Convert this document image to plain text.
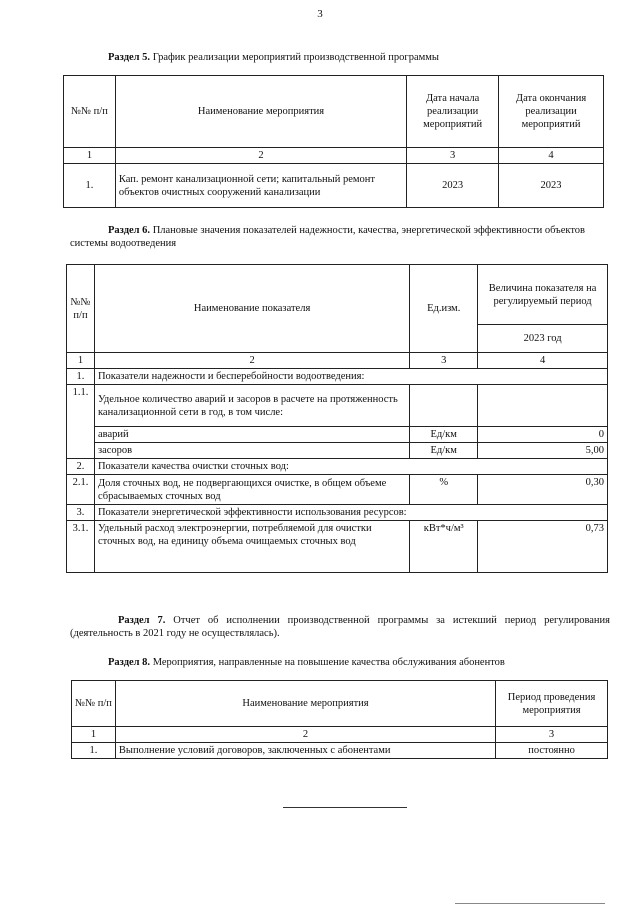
3
Раздел 5. График реализации мероприятий производственной программы
№№ п/п	Наименование мероприятия	Дата начала реализации мероприятий	Дата окончания реализации мероприятий
1	2	3	4
1.	Кап. ремонт канализационной сети; капитальный ремонт объектов очистных сооружений канализации	2023	2023
Раздел 6. Плановые значения показателей надежности, качества, энергетической эффективности объектов системы водоотведения
№№ п/п	Наименование показателя	Ед.изм.	Величина показателя на регулируемый период
			2023 год
1	2	3	4
1.	Показатели надежности и бесперебойности водоотведения:		
1.1.	Удельное количество аварий и засоров в расчете на протяженность канализационной сети в год, в том числе:		
	аварий	Ед/км	0
	засоров	Ед/км	5,00
2.	Показатели качества очистки сточных вод:		
2.1.	Доля сточных вод, не подвергающихся очистке, в общем объеме сбрасываемых сточных вод	%	0,30
3.	Показатели энергетической эффективности использования ресурсов:		
3.1.	Удельный расход электроэнергии, потребляемой для очистки сточных вод, на единицу объема очищаемых сточных вод	кВт*ч/м³	0,73
Раздел 7. Отчет об исполнении производственной программы за истекший период регулирования (деятельность в 2021 году не осуществлялась).
Раздел 8. Мероприятия, направленные на повышение качества обслуживания абонентов
№№ п/п	Наименование мероприятия	Период проведения мероприятия
1	2	3
1.	Выполнение условий договоров, заключенных с абонентами	постоянно
